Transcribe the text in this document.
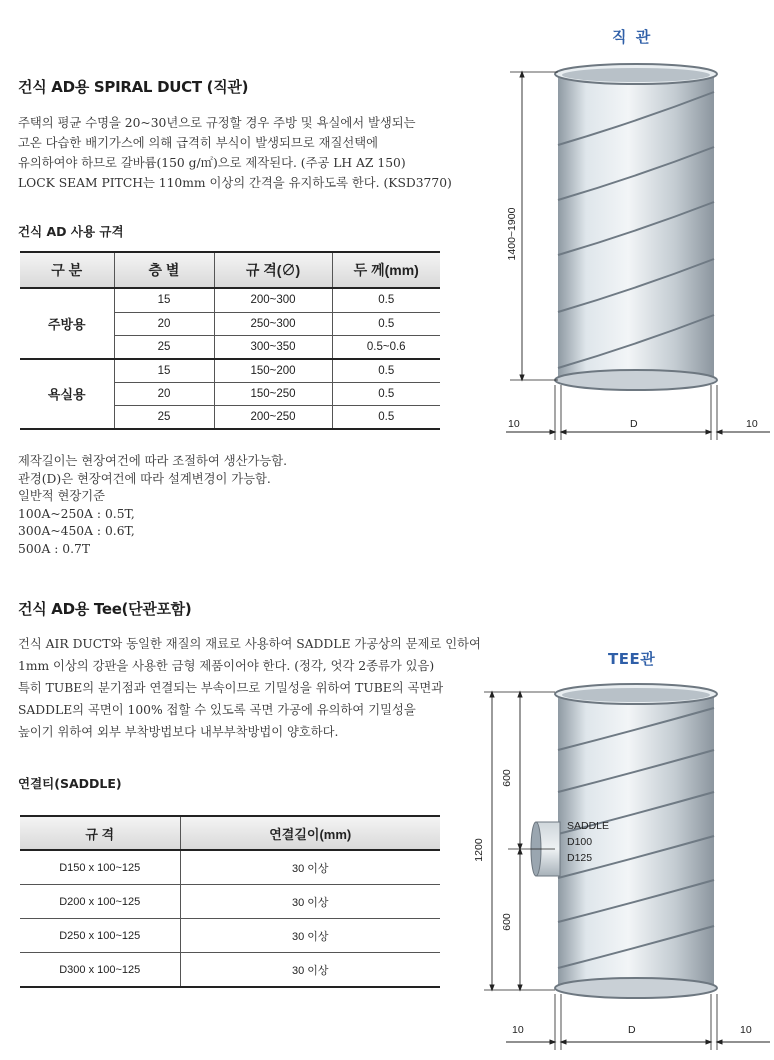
건식 AD용 SPIRAL DUCT (직관)
주택의 평균 수명을 20~30년으로 규정할 경우 주방 및 욕실에서 발생되는
고온 다습한 배기가스에 의해 급격히 부식이 발생되므로 재질선택에
유의하여야 하므로 갈바륨(150 g/㎡)으로 제작된다. (주공 LH AZ 150)
LOCK SEAM PITCH는 110mm 이상의 간격을 유지하도록 한다. (KSD3770)
건식 AD 사용 규격
구 분	층 별	규 격(∅)	두 께(mm)
주방용	15	200~300	0.5
	20	250~300	0.5
	25	300~350	0.5~0.6
욕실용	15	150~200	0.5
	20	150~250	0.5
	25	200~250	0.5
제작길이는 현장여건에 따라 조절하여 생산가능함.
관경(D)은 현장여건에 따라 설계변경이 가능함.
일반적 현장기준
100A~250A : 0.5T,
300A~450A : 0.6T,
500A : 0.7T
직 관
1400~1900
10	D	10
건식 AD용 Tee(단관포함)
건식 AIR DUCT와 동일한 재질의 재료로 사용하여 SADDLE 가공상의 문제로 인하여
1mm 이상의 강판을 사용한 금형 제품이어야 한다. (정각, 엇각 2종류가 있음)
특히 TUBE의 분기점과 연결되는 부속이므로 기밀성을 위하여 TUBE의 곡면과
SADDLE의 곡면이 100% 접할 수 있도록 곡면 가공에 유의하여 기밀성을
높이기 위하여 외부 부착방법보다 내부부착방법이 양호하다.
연결티(SADDLE)
규 격	연결길이(mm)
D150 x 100~125	30 이상
D200 x 100~125	30 이상
D250 x 100~125	30 이상
D300 x 100~125	30 이상
TEE관
1200
600
600
SADDLE
D100
D125
10	D	10
